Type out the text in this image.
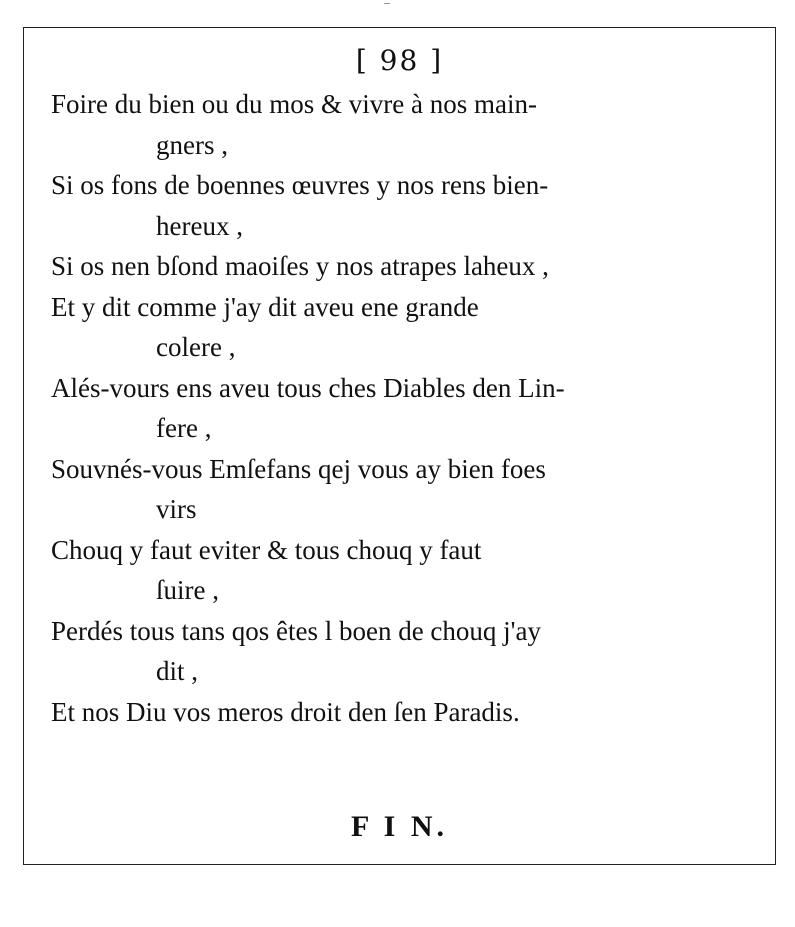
[ 98 ]
Foire du bien ou du mos & vivre à nos main-
gners ,
Si os fons de boennes œuvres y nos rens bien-
hereux ,
Si os nen bſond maoiſes y nos atrapes laheux ,
Et y dit comme j'ay dit aveu ene grande
colere ,
Alés-vours ens aveu tous ches Diables den Lin-
fere ,
Souvnés-vous Emſefans qej vous ay bien foes
virs
Chouq y faut eviter & tous chouq y faut
ſuire ,
Perdés tous tans qos êtes l boen de chouq j'ay
dit ,
Et nos Diu vos meros droit den ſen Paradis.
F I N.
